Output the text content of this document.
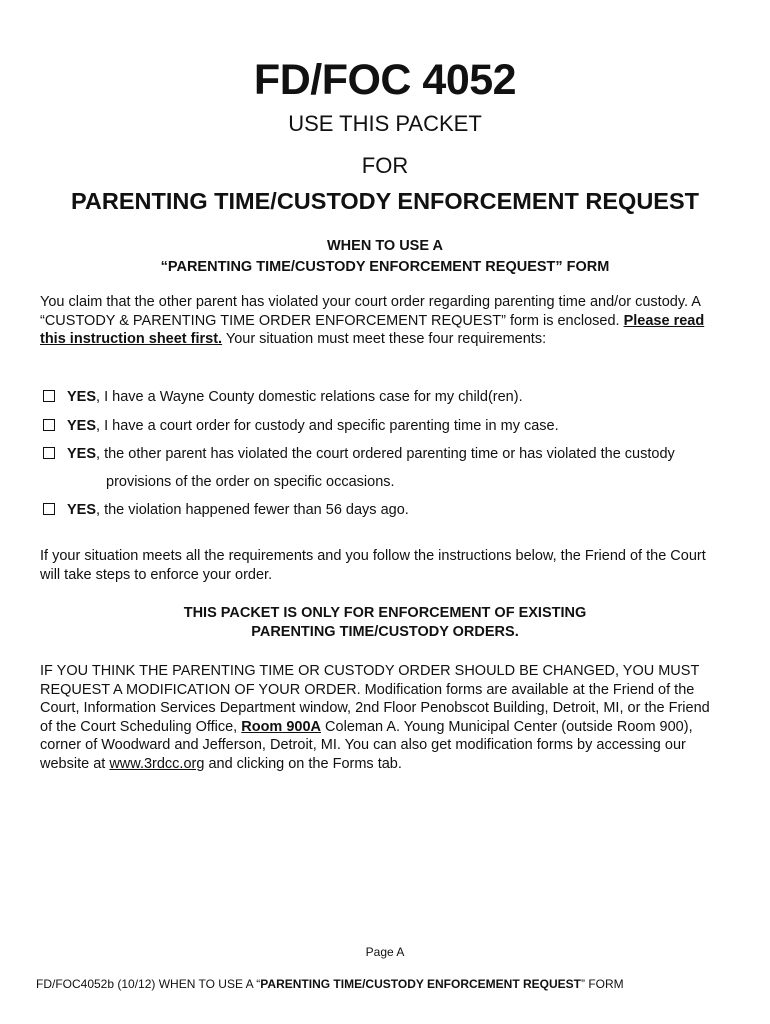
FD/FOC 4052
USE THIS PACKET
FOR
PARENTING TIME/CUSTODY ENFORCEMENT REQUEST
WHEN TO USE A
“PARENTING TIME/CUSTODY ENFORCEMENT REQUEST” FORM
You claim that the other parent has violated your court order regarding parenting time and/or custody. A “CUSTODY & PARENTING TIME ORDER ENFORCEMENT REQUEST” form is enclosed. Please read this instruction sheet first. Your situation must meet these four requirements:
YES, I have a Wayne County domestic relations case for my child(ren).
YES, I have a court order for custody and specific parenting time in my case.
YES, the other parent has violated the court ordered parenting time or has violated the custody
provisions of the order on specific occasions.
YES, the violation happened fewer than 56 days ago.
If your situation meets all the requirements and you follow the instructions below, the Friend of the Court will take steps to enforce your order.
THIS PACKET IS ONLY FOR ENFORCEMENT OF EXISTING
PARENTING TIME/CUSTODY ORDERS.
IF YOU THINK THE PARENTING TIME OR CUSTODY ORDER SHOULD BE CHANGED, YOU MUST REQUEST A MODIFICATION OF YOUR ORDER. Modification forms are available at the Friend of the Court, Information Services Department window, 2nd Floor Penobscot Building, Detroit, MI, or the Friend of the Court Scheduling Office, Room 900A Coleman A. Young Municipal Center (outside Room 900), corner of Woodward and Jefferson, Detroit, MI. You can also get modification forms by accessing our website at www.3rdcc.org and clicking on the Forms tab.
Page A
FD/FOC4052b (10/12) WHEN TO USE A “PARENTING TIME/CUSTODY ENFORCEMENT REQUEST” FORM
